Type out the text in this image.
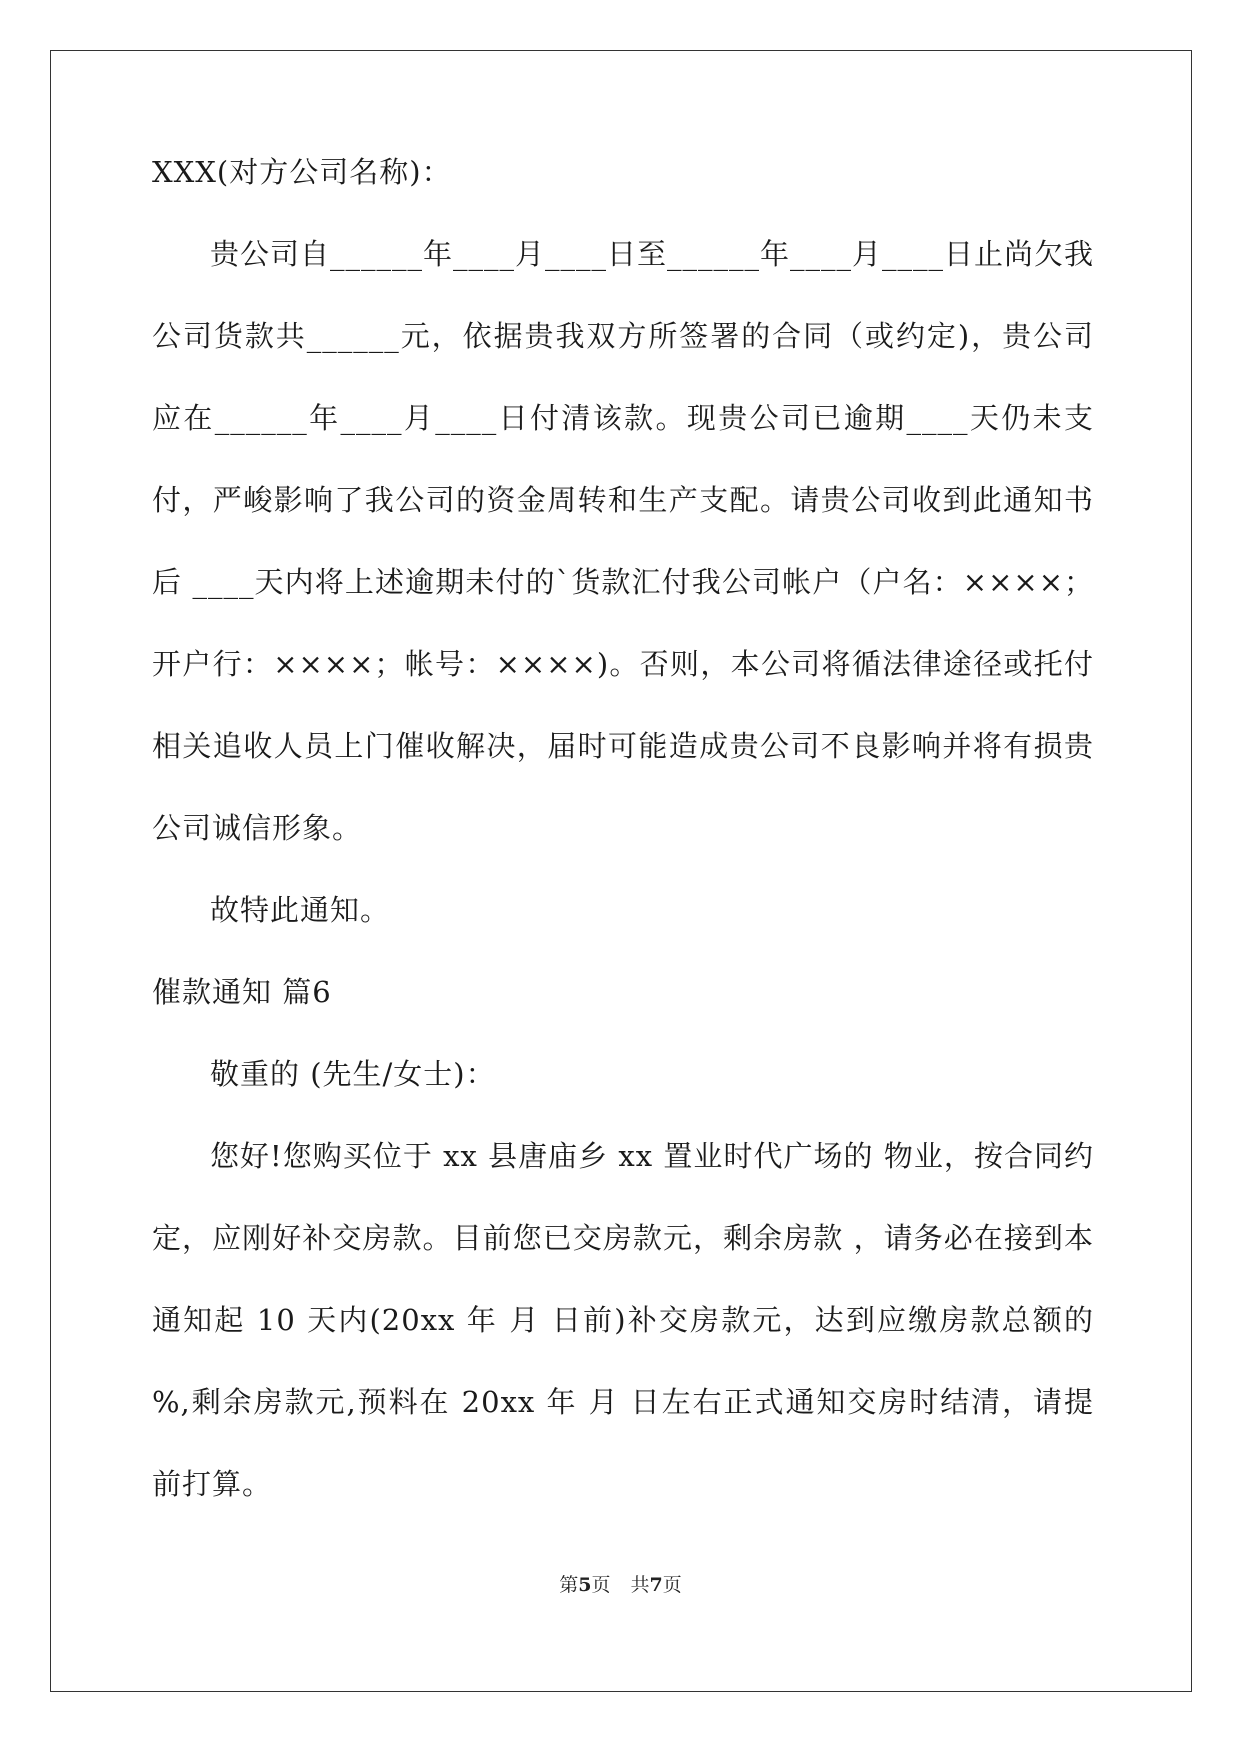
XXX(对方公司名称)：

贵公司自______年____月____日至______年____月____日止尚欠我公司货款共______元，依据贵我双方所签署的合同（或约定)，贵公司应在______年____月____日付清该款。现贵公司已逾期____天仍未支付，严峻影响了我公司的资金周转和生产支配。请贵公司收到此通知书后 ____天内将上述逾期未付的`货款汇付我公司帐户（户名：××××；开户行：××××；帐号：××××)。否则，本公司将循法律途径或托付相关追收人员上门催收解决，届时可能造成贵公司不良影响并将有损贵公司诚信形象。

故特此通知。

催款通知 篇6

敬重的 (先生/女士)：

您好!您购买位于 xx 县唐庙乡 xx 置业时代广场的 物业，按合同约定，应刚好补交房款。目前您已交房款元，剩余房款 ，请务必在接到本通知起 10 天内(20xx 年 月 日前)补交房款元，达到应缴房款总额的 %,剩余房款元,预料在 20xx 年 月 日左右正式通知交房时结清，请提前打算。

第5页 共7页
